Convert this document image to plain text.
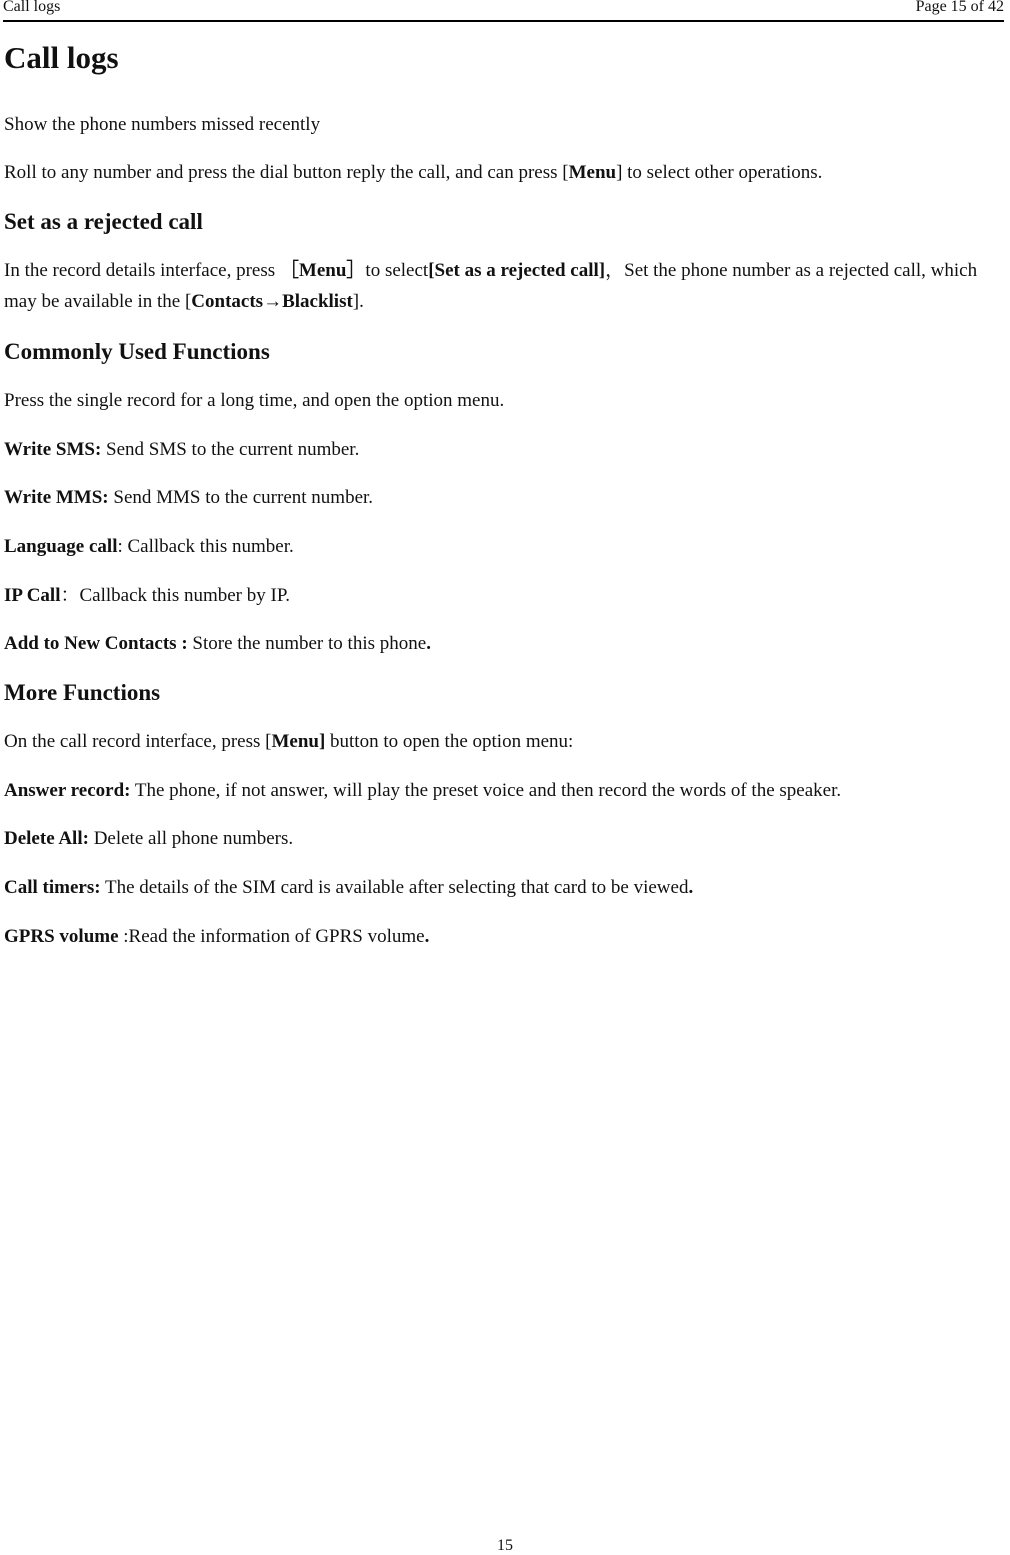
Call logs	Page 15 of 42
Call logs

Show the phone numbers missed recently

Roll to any number and press the dial button reply the call, and can press [Menu] to select other operations.

Set as a rejected call

In the record details interface, press ［Menu］to select[Set as a rejected call]，Set the phone number as a rejected call, which may be available in the [Contacts→Blacklist].

Commonly Used Functions

Press the single record for a long time, and open the option menu.

Write SMS: Send SMS to the current number.

Write MMS: Send MMS to the current number.

Language call: Callback this number.

IP Call：Callback this number by IP.

Add to New Contacts : Store the number to this phone.

More Functions

On the call record interface, press [Menu] button to open the option menu:

Answer record: The phone, if not answer, will play the preset voice and then record the words of the speaker.

Delete All: Delete all phone numbers.

Call timers: The details of the SIM card is available after selecting that card to be viewed.

GPRS volume :Read the information of GPRS volume.

15
